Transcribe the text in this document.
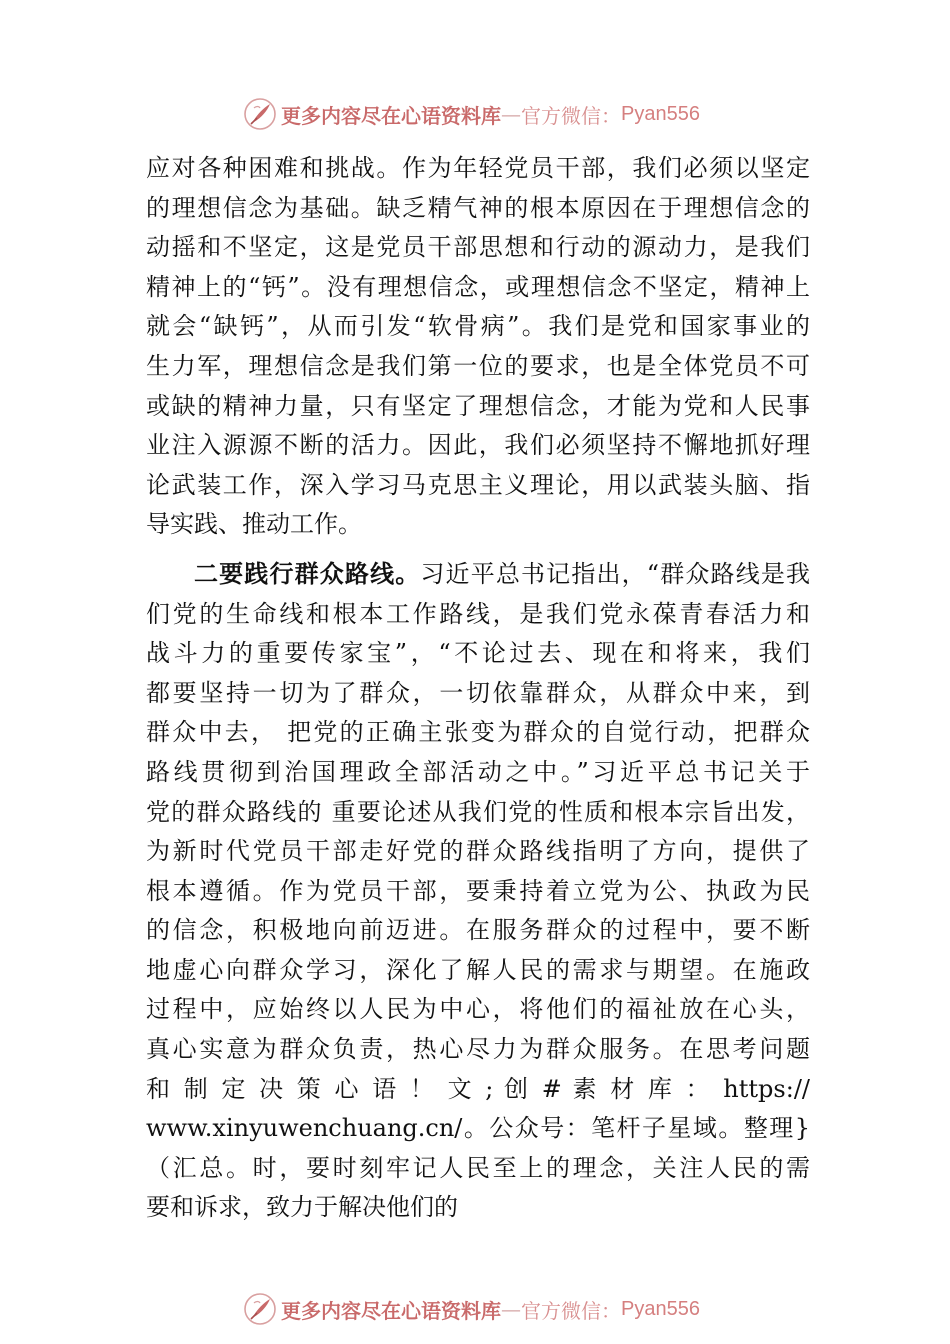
更多内容尽在心语资料库 — 官方微信： Pyan556
应对各种困难和挑战。作为年轻党员干部，我们必须以坚定
的理想信念为基础。缺乏精气神的根本原因在于理想信念的
动摇和不坚定，这是党员干部思想和行动的源动力，是我们
精神上的“钙”。没有理想信念，或理想信念不坚定，精神上
就会“缺钙”，从而引发“软骨病”。我们是党和国家事业的
生力军，理想信念是我们第一位的要求，也是全体党员不可
或缺的精神力量，只有坚定了理想信念，才能为党和人民事
业注入源源不断的活力。因此，我们必须坚持不懈地抓好理
论武装工作，深入学习马克思主义理论，用以武装头脑、指
导实践、推动工作。
二要践行群众路线。习近平总书记指出，“群众路线是我
们党的生命线和根本工作路线，是我们党永葆青春活力和
战斗力的重要传家宝”，“不论过去、现在和将来，我们
都要坚持一切为了群众，一切依靠群众，从群众中来，到
群众中去， 把党的正确主张变为群众的自觉行动，把群众
路线贯彻到治国理政全部活动之中。”习近平总书记关于
党的群众路线的 重要论述从我们党的性质和根本宗旨出发，
为新时代党员干部走好党的群众路线指明了方向，提供了
根本遵循。作为党员干部，要秉持着立党为公、执政为民
的信念，积极地向前迈进。在服务群众的过程中，要不断
地虚心向群众学习，深化了解人民的需求与期望。在施政
过程中，应始终以人民为中心，将他们的福祉放在心头，
真心实意为群众负责，热心尽力为群众服务。在思考问题
和 制 定 决 策 心 语 ！ 文 ; 创 # 素 材 库 ： https://
www.xinyuwenchuang.cn/。公众号：笔杆子星域。整理}
（汇总。时，要时刻牢记人民至上的理念，关注人民的需
要和诉求，致力于解决他们的
更多内容尽在心语资料库 — 官方微信： Pyan556
